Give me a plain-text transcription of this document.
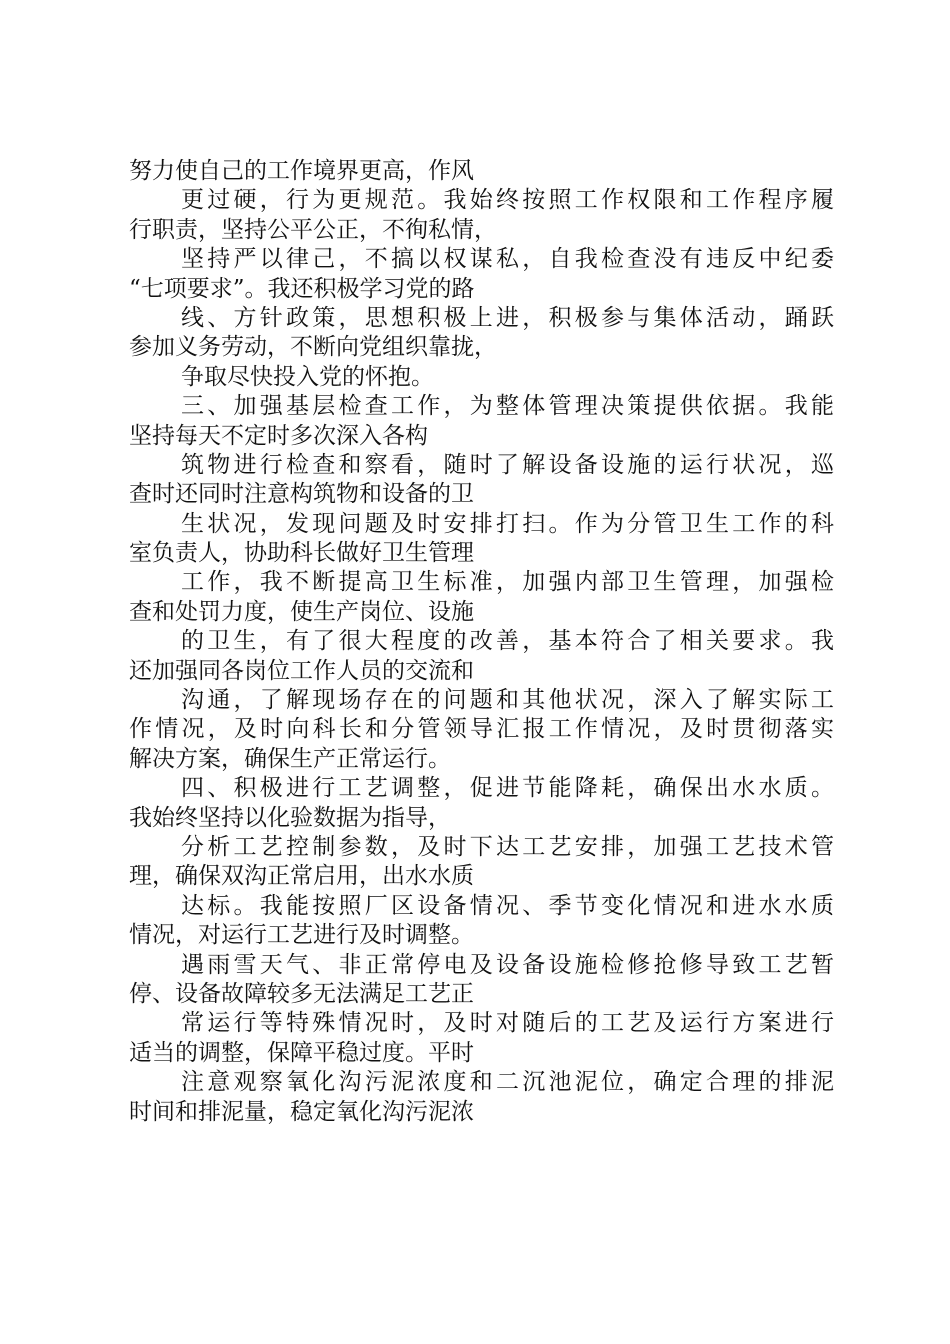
努力使自己的工作境界更高，作风
更过硬，行为更规范。我始终按照工作权限和工作程序履
行职责，坚持公平公正，不徇私情，
坚持严以律己，不搞以权谋私，自我检查没有违反中纪委
“七项要求”。我还积极学习党的路
线、方针政策，思想积极上进，积极参与集体活动，踊跃
参加义务劳动，不断向党组织靠拢，
争取尽快投入党的怀抱。
三、加强基层检查工作，为整体管理决策提供依据。我能
坚持每天不定时多次深入各构
筑物进行检查和察看，随时了解设备设施的运行状况，巡
查时还同时注意构筑物和设备的卫
生状况，发现问题及时安排打扫。作为分管卫生工作的科
室负责人，协助科长做好卫生管理
工作，我不断提高卫生标准，加强内部卫生管理，加强检
查和处罚力度，使生产岗位、设施
的卫生，有了很大程度的改善，基本符合了相关要求。我
还加强同各岗位工作人员的交流和
沟通，了解现场存在的问题和其他状况，深入了解实际工
作情况，及时向科长和分管领导汇报工作情况，及时贯彻落实
解决方案，确保生产正常运行。
四、积极进行工艺调整，促进节能降耗，确保出水水质。
我始终坚持以化验数据为指导，
分析工艺控制参数，及时下达工艺安排，加强工艺技术管
理，确保双沟正常启用，出水水质
达标。我能按照厂区设备情况、季节变化情况和进水水质
情况，对运行工艺进行及时调整。
遇雨雪天气、非正常停电及设备设施检修抢修导致工艺暂
停、设备故障较多无法满足工艺正
常运行等特殊情况时，及时对随后的工艺及运行方案进行
适当的调整，保障平稳过度。平时
注意观察氧化沟污泥浓度和二沉池泥位，确定合理的排泥
时间和排泥量，稳定氧化沟污泥浓
